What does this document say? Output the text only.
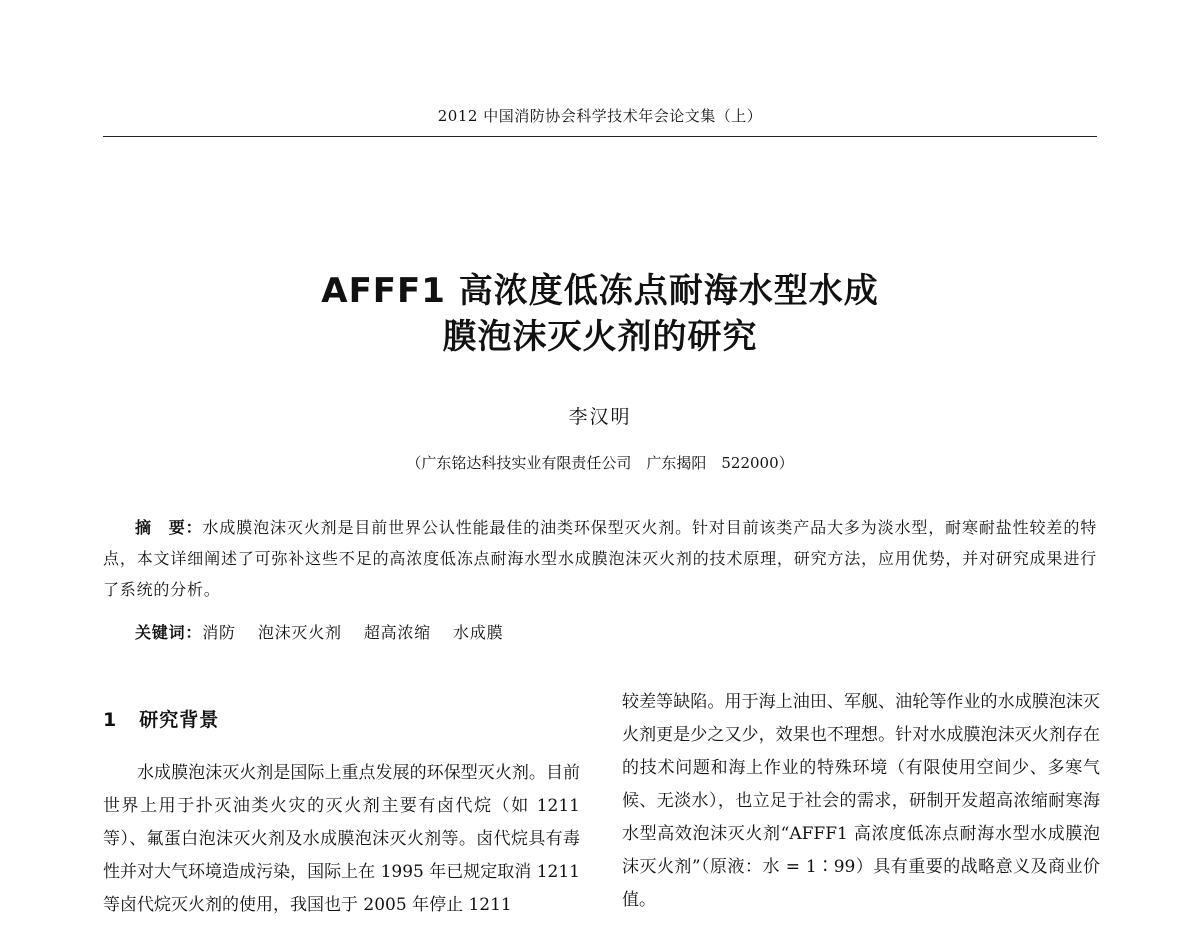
2012 中国消防协会科学技术年会论文集（上）
AFFF1 高浓度低冻点耐海水型水成
膜泡沫灭火剂的研究
李汉明
（广东铭达科技实业有限责任公司　广东揭阳　522000）
摘　要：水成膜泡沫灭火剂是目前世界公认性能最佳的油类环保型灭火剂。针对目前该类产品大多为淡水型，耐寒耐盐性较差的特点，本文详细阐述了可弥补这些不足的高浓度低冻点耐海水型水成膜泡沫灭火剂的技术原理，研究方法，应用优势，并对研究成果进行了系统的分析。
关键词：消防 泡沫灭火剂 超高浓缩 水成膜
1 研究背景

水成膜泡沫灭火剂是国际上重点发展的环保型灭火剂。目前世界上用于扑灭油类火灾的灭火剂主要有卤代烷（如 1211 等）、氟蛋白泡沫灭火剂及水成膜泡沫灭火剂等。卤代烷具有毒性并对大气环境造成污染，国际上在 1995 年已规定取消 1211 等卤代烷灭火剂的使用，我国也于 2005 年停止 1211

较差等缺陷。用于海上油田、军舰、油轮等作业的水成膜泡沫灭火剂更是少之又少，效果也不理想。针对水成膜泡沫灭火剂存在的技术问题和海上作业的特殊环境（有限使用空间少、多寒气候、无淡水），也立足于社会的需求，研制开发超高浓缩耐寒海水型高效泡沫灭火剂“AFFF1 高浓度低冻点耐海水型水成膜泡沫灭火剂”（原液：水 = 1∶99）具有重要的战略意义及商业价值。
